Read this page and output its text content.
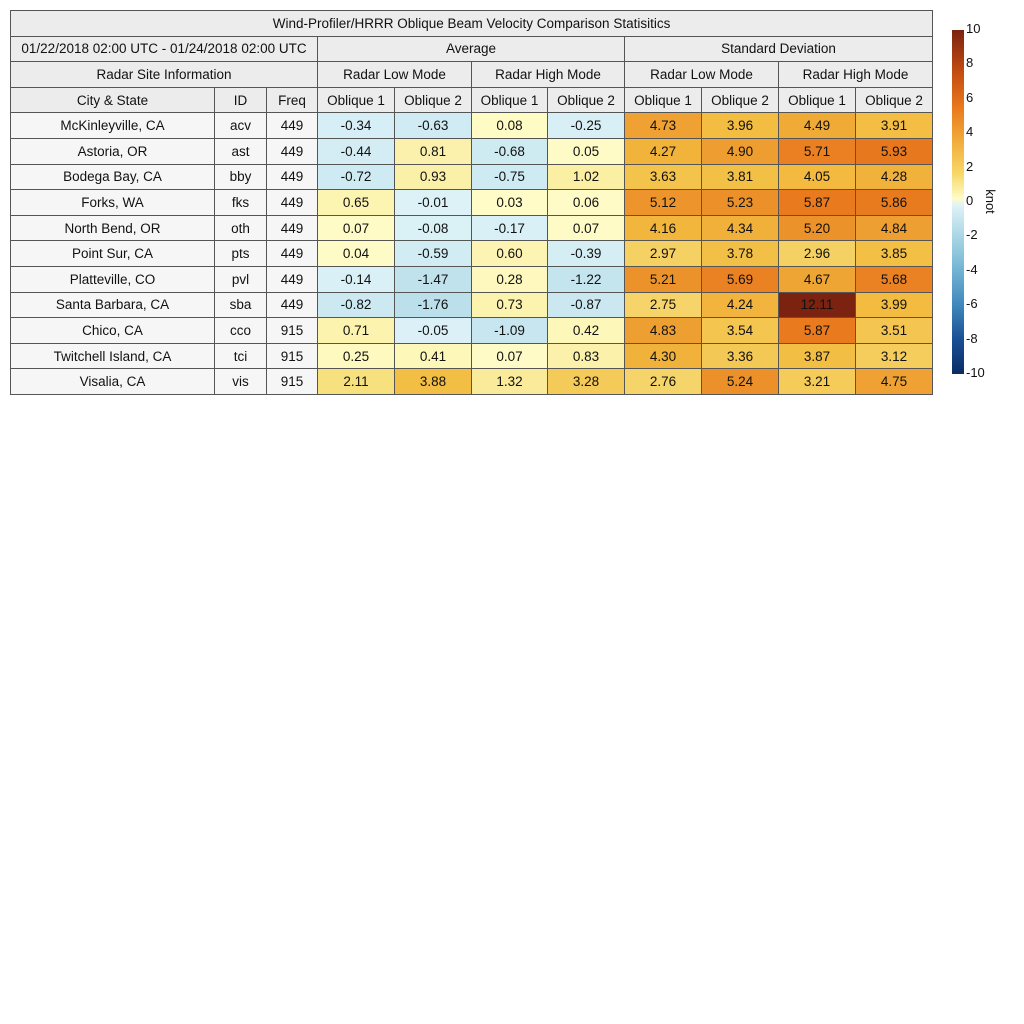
Wind-Profiler/HRRR Oblique Beam Velocity Comparison Statisitics										
01/22/2018 02:00 UTC - 01/24/2018 02:00 UTC			Average				Standard Deviation			
Radar Site Information			Radar Low Mode		Radar High Mode		Radar Low Mode		Radar High Mode	
City & State	ID	Freq	Oblique 1	Oblique 2	Oblique 1	Oblique 2	Oblique 1	Oblique 2	Oblique 1	Oblique 2
McKinleyville, CA	acv	449	-0.34	-0.63	0.08	-0.25	4.73	3.96	4.49	3.91
Astoria, OR	ast	449	-0.44	0.81	-0.68	0.05	4.27	4.90	5.71	5.93
Bodega Bay, CA	bby	449	-0.72	0.93	-0.75	1.02	3.63	3.81	4.05	4.28
Forks, WA	fks	449	0.65	-0.01	0.03	0.06	5.12	5.23	5.87	5.86
North Bend, OR	oth	449	0.07	-0.08	-0.17	0.07	4.16	4.34	5.20	4.84
Point Sur, CA	pts	449	0.04	-0.59	0.60	-0.39	2.97	3.78	2.96	3.85
Platteville, CO	pvl	449	-0.14	-1.47	0.28	-1.22	5.21	5.69	4.67	5.68
Santa Barbara, CA	sba	449	-0.82	-1.76	0.73	-0.87	2.75	4.24	12.11	3.99
Chico, CA	cco	915	0.71	-0.05	-1.09	0.42	4.83	3.54	5.87	3.51
Twitchell Island, CA	tci	915	0.25	0.41	0.07	0.83	4.30	3.36	3.87	3.12
Visalia, CA	vis	915	2.11	3.88	1.32	3.28	2.76	5.24	3.21	4.75
10
8
6
4
2
0
-2
-4
-6
-8
-10
knot
